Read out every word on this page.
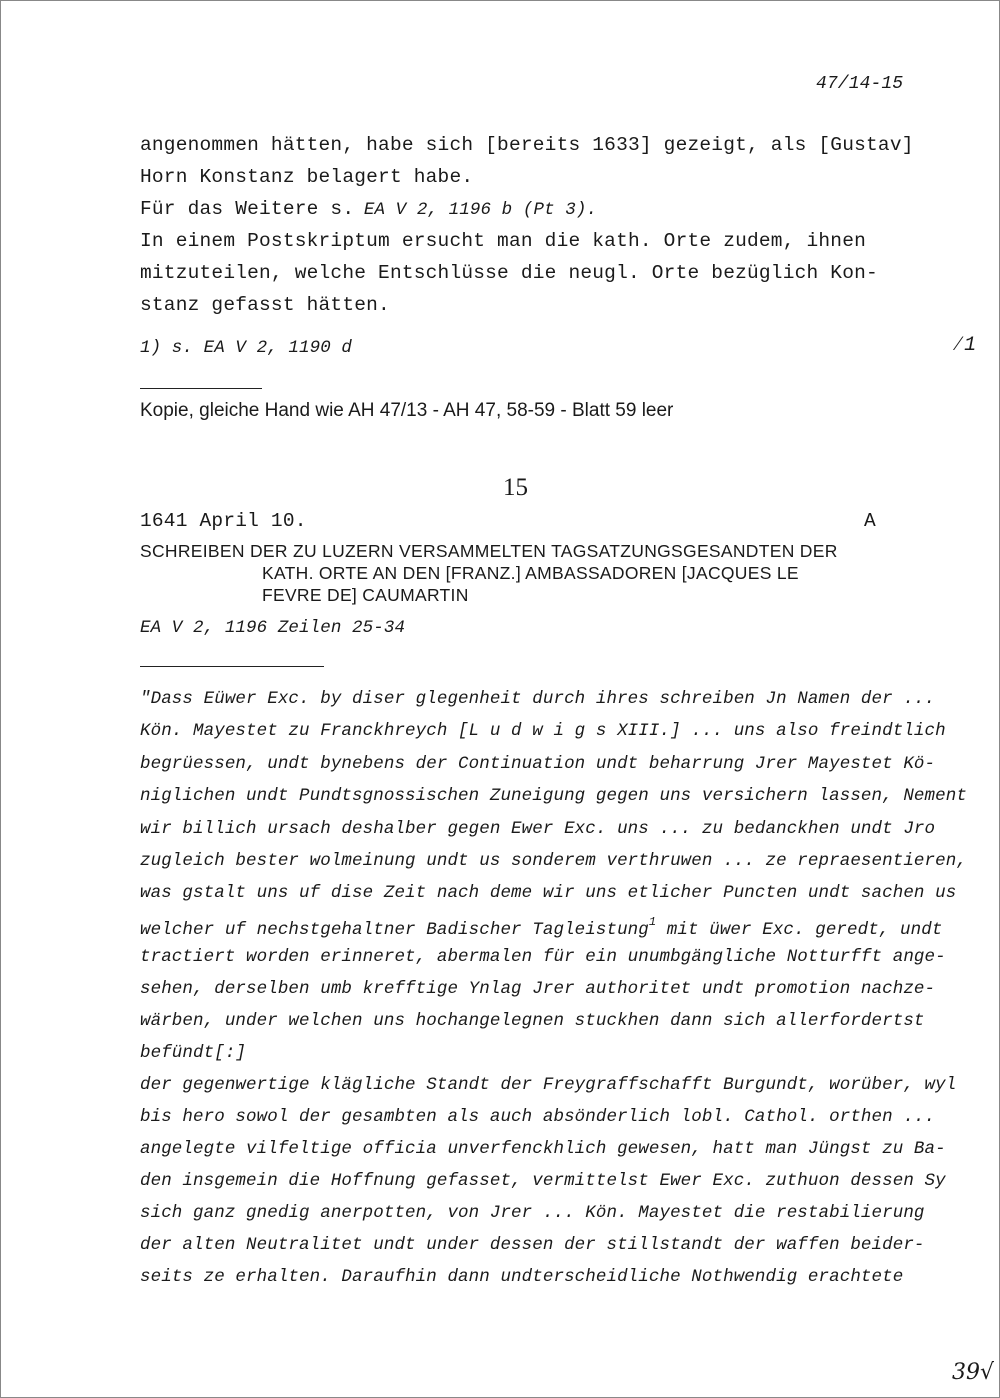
47/14-15
angenommen hätten, habe sich [bereits 1633] gezeigt, als [Gustav]
Horn Konstanz belagert habe.
Für das Weitere s. EA V 2, 1196 b (Pt 3).
In einem Postskriptum ersucht man die kath. Orte zudem, ihnen
mitzuteilen, welche Entschlüsse die neugl. Orte bezüglich Kon-
stanz gefasst hätten.
1) s. EA V 2, 1190 d	⁄1
Kopie, gleiche Hand wie AH 47/13 - AH 47, 58-59 - Blatt 59 leer
15
1641 April 10.	A
SCHREIBEN DER ZU LUZERN VERSAMMELTEN TAGSATZUNGSGESANDTEN DER
KATH. ORTE AN DEN [FRANZ.] AMBASSADOREN [JACQUES LE
FEVRE DE] CAUMARTIN
EA V 2, 1196 Zeilen 25-34
"Dass Eüwer Exc. by diser glegenheit durch ihres schreiben Jn Namen der ...
Kön. Mayestet zu Franckhreych [L u d w i g s XIII.] ... uns also freindtlich
begrüessen, undt bynebens der Continuation undt beharrung Jrer Mayestet Kö-
niglichen undt Pundtsgnossischen Zuneigung gegen uns versichern lassen, Nement
wir billich ursach deshalber gegen Ewer Exc. uns ... zu bedanckhen undt Jro
zugleich bester wolmeinung undt us sonderem verthruwen ... ze repraesentieren,
was gstalt uns uf dise Zeit nach deme wir uns etlicher Puncten undt sachen us
welcher uf nechstgehaltner Badischer Tagleistung$^1$ mit üwer Exc. geredt, undt
tractiert worden erinneret, abermalen für ein unumbgängliche Notturfft ange-
sehen, derselben umb krefftige Ynlag Jrer authoritet undt promotion nachze-
wärben, under welchen uns hochangelegnen stuckhen dann sich allerfordertst
befündt[:]
der gegenwertige klägliche Standt der Freygraffschafft Burgundt, worüber, wyl
bis hero sowol der gesambten als auch absönderlich lobl. Cathol. orthen ...
angelegte vilfeltige officia unverfenckhlich gewesen, hatt man Jüngst zu Ba-
den insgemein die Hoffnung gefasset, vermittelst Ewer Exc. zuthuon dessen Sy
sich ganz gnedig anerpotten, von Jrer ... Kön. Mayestet die restabilierung
der alten Neutralitet undt under dessen der stillstandt der waffen beider-
seits ze erhalten. Daraufhin dann undterscheidliche Nothwendig erachtete
39√
